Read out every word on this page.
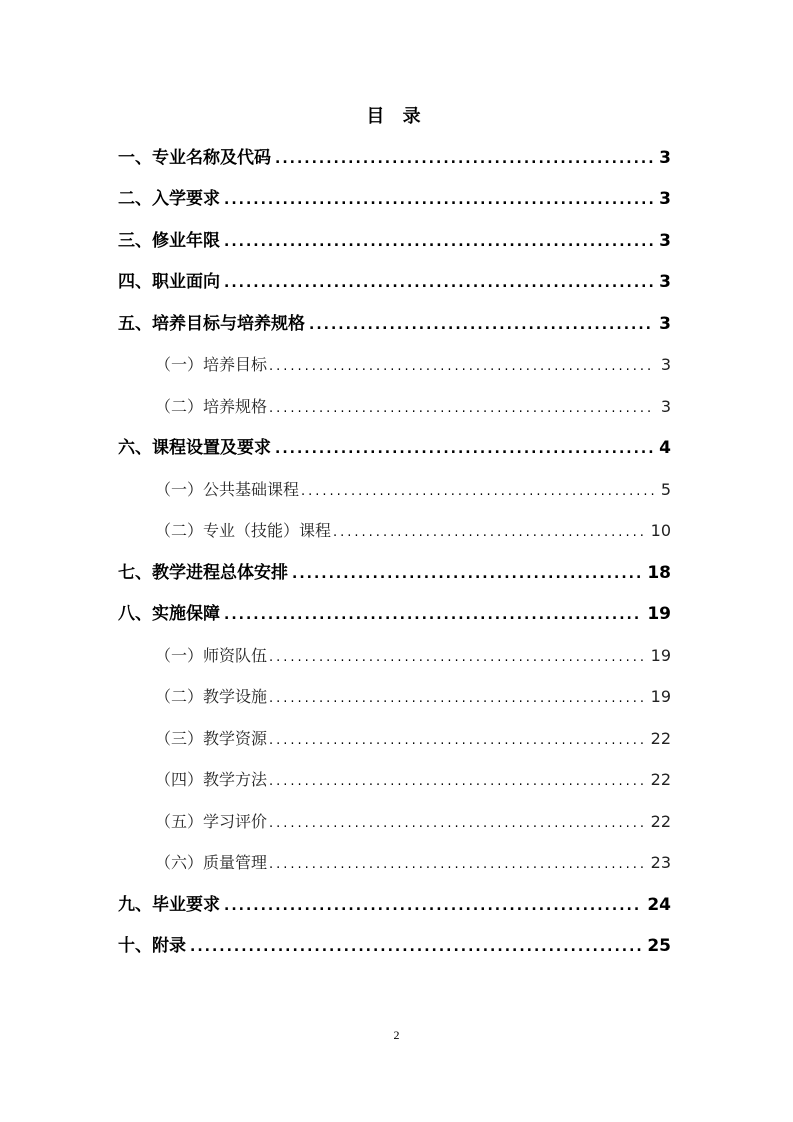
目 录
一、专业名称及代码 .....	3
二、入学要求 .....	3
三、修业年限 .....	3
四、职业面向 .....	3
五、培养目标与培养规格 .....	3
（一）培养目标 .....	3
（二）培养规格 .....	3
六、课程设置及要求 .....	4
（一）公共基础课程 .....	5
（二）专业（技能）课程 .....	10
七、教学进程总体安排 .....	18
八、实施保障 .....	19
（一）师资队伍 .....	19
（二）教学设施 .....	19
（三）教学资源 .....	22
（四）教学方法 .....	22
（五）学习评价 .....	22
（六）质量管理 .....	23
九、毕业要求 .....	24
十、附录 .....	25
2
